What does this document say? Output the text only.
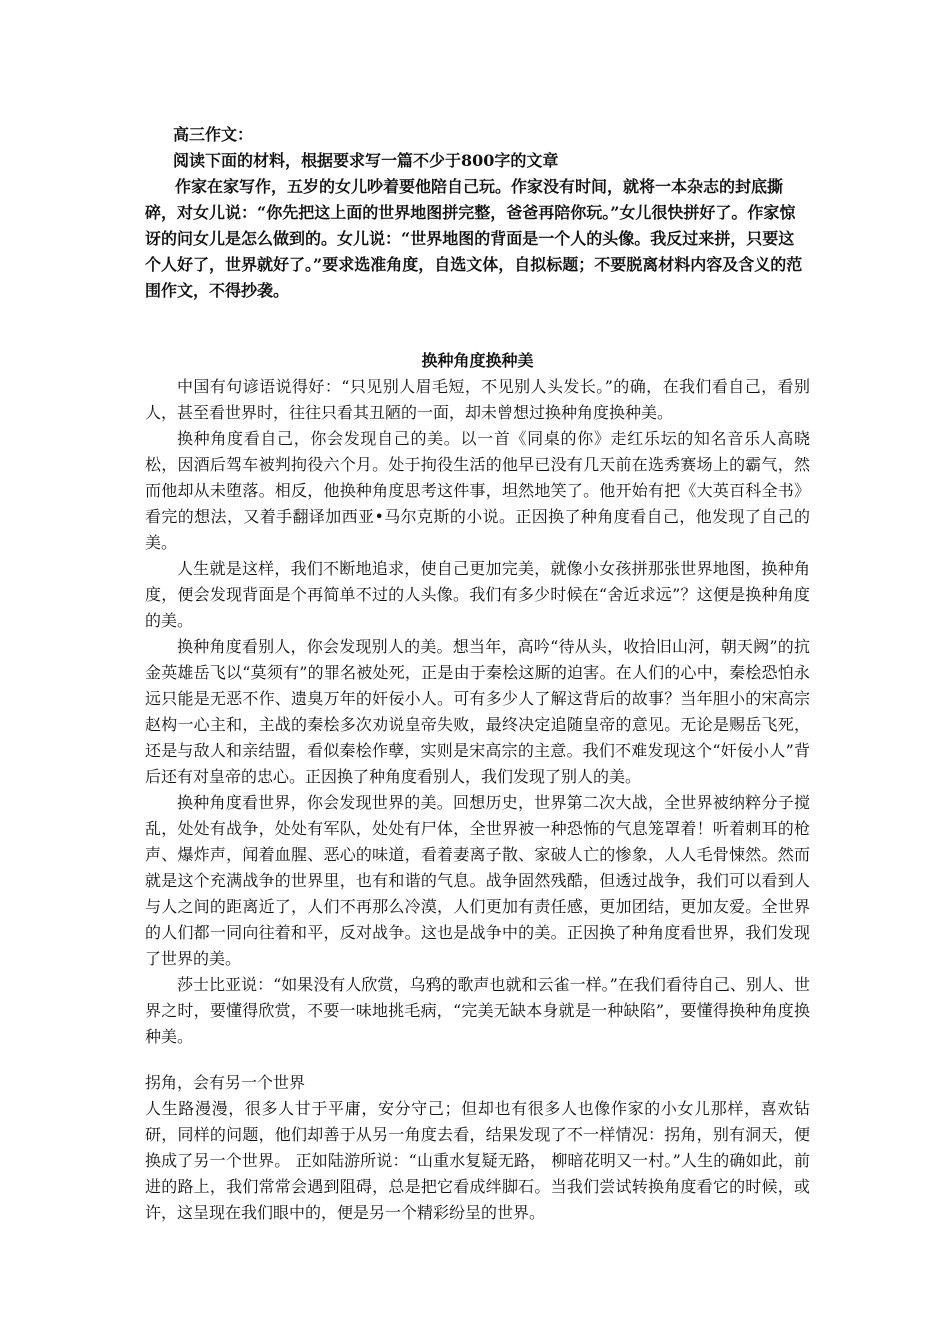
高三作文：

阅读下面的材料，根据要求写一篇不少于800字的文章

作家在家写作，五岁的女儿吵着要他陪自己玩。作家没有时间，就将一本杂志的封底撕碎，对女儿说：“你先把这上面的世界地图拼完整，爸爸再陪你玩。”女儿很快拼好了。作家惊讶的问女儿是怎么做到的。女儿说：“世界地图的背面是一个人的头像。我反过来拼，只要这个人好了，世界就好了。”要求选准角度，自选文体，自拟标题；不要脱离材料内容及含义的范围作文，不得抄袭。

换种角度换种美

中国有句谚语说得好：“只见别人眉毛短，不见别人头发长。”的确，在我们看自己，看别人，甚至看世界时，往往只看其丑陋的一面，却未曾想过换种角度换种美。

换种角度看自己，你会发现自己的美。以一首《同桌的你》走红乐坛的知名音乐人高晓松，因酒后驾车被判拘役六个月。处于拘役生活的他早已没有几天前在选秀赛场上的霸气，然而他却从未堕落。相反，他换种角度思考这件事，坦然地笑了。他开始有把《大英百科全书》看完的想法，又着手翻译加西亚•马尔克斯的小说。正因换了种角度看自己，他发现了自己的美。

人生就是这样，我们不断地追求，使自己更加完美，就像小女孩拼那张世界地图，换种角度，便会发现背面是个再简单不过的人头像。我们有多少时候在“舍近求远”？这便是换种角度的美。

换种角度看别人，你会发现别人的美。想当年，高吟“待从头，收拾旧山河，朝天阙”的抗金英雄岳飞以“莫须有”的罪名被处死，正是由于秦桧这厮的迫害。在人们的心中，秦桧恐怕永远只能是无恶不作、遗臭万年的奸佞小人。可有多少人了解这背后的故事？当年胆小的宋高宗赵构一心主和，主战的秦桧多次劝说皇帝失败，最终决定追随皇帝的意见。无论是赐岳飞死，还是与敌人和亲结盟，看似秦桧作孽，实则是宋高宗的主意。我们不难发现这个“奸佞小人”背后还有对皇帝的忠心。正因换了种角度看别人，我们发现了别人的美。

换种角度看世界，你会发现世界的美。回想历史，世界第二次大战，全世界被纳粹分子搅乱，处处有战争，处处有军队，处处有尸体，全世界被一种恐怖的气息笼罩着！听着刺耳的枪声、爆炸声，闻着血腥、恶心的味道，看着妻离子散、家破人亡的惨象，人人毛骨悚然。然而就是这个充满战争的世界里，也有和谐的气息。战争固然残酷，但透过战争，我们可以看到人与人之间的距离近了，人们不再那么冷漠，人们更加有责任感，更加团结，更加友爱。全世界的人们都一同向往着和平，反对战争。这也是战争中的美。正因换了种角度看世界，我们发现了世界的美。

莎士比亚说：“如果没有人欣赏，乌鸦的歌声也就和云雀一样。”在我们看待自己、别人、世界之时，要懂得欣赏，不要一味地挑毛病，“完美无缺本身就是一种缺陷”，要懂得换种角度换种美。

拐角，会有另一个世界

人生路漫漫，很多人甘于平庸，安分守己；但却也有很多人也像作家的小女儿那样，喜欢钻研，同样的问题，他们却善于从另一角度去看，结果发现了不一样情况：拐角，别有洞天，便换成了另一个世界。 正如陆游所说：“山重水复疑无路， 柳暗花明又一村。”人生的确如此，前进的路上，我们常常会遇到阻碍，总是把它看成绊脚石。当我们尝试转换角度看它的时候，或许，这呈现在我们眼中的，便是另一个精彩纷呈的世界。
